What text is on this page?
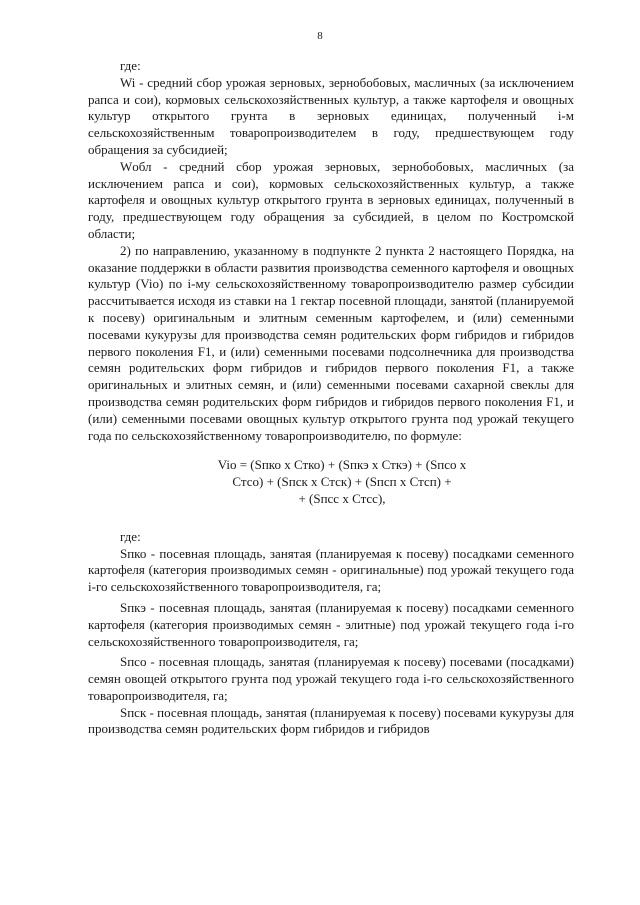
8

где:

Wi - средний сбор урожая зерновых, зернобобовых, масличных (за исключением рапса и сои), кормовых сельскохозяйственных культур, а также картофеля и овощных культур открытого грунта в зерновых единицах, полученный i-м сельскохозяйственным товаропроизводителем в году, предшествующем году обращения за субсидией;

Wобл - средний сбор урожая зерновых, зернобобовых, масличных (за исключением рапса и сои), кормовых сельскохозяйственных культур, а также картофеля и овощных культур открытого грунта в зерновых единицах, полученный в году, предшествующем году обращения за субсидией, в целом по Костромской области;

2) по направлению, указанному в подпункте 2 пункта 2 настоящего Порядка, на оказание поддержки в области развития производства семенного картофеля и овощных культур (Vio) по i-му сельскохозяйственному товаропроизводителю размер субсидии рассчитывается исходя из ставки на 1 гектар посевной площади, занятой (планируемой к посеву) оригинальным и элитным семенным картофелем, и (или) семенными посевами кукурузы для производства семян родительских форм гибридов и гибридов первого поколения F1, и (или) семенными посевами подсолнечника для производства семян родительских форм гибридов и гибридов первого поколения F1, а также оригинальных и элитных семян, и (или) семенными посевами сахарной свеклы для производства семян родительских форм гибридов и гибридов первого поколения F1, и (или) семенными посевами овощных культур открытого грунта под урожай текущего года по сельскохозяйственному товаропроизводителю, по формуле:

Vio = (Sпко x Стко) + (Sпкэ x Сткэ) + (Sпсо x
Стсо) + (Sпск x Стск) + (Sпсп x Стсп) +
+ (Sпсс x Стсс),

где:

Sпко - посевная площадь, занятая (планируемая к посеву) посадками семенного картофеля (категория производимых семян - оригинальные) под урожай текущего года i-го сельскохозяйственного товаропроизводителя, га;

Sпкэ - посевная площадь, занятая (планируемая к посеву) посадками семенного картофеля (категория производимых семян - элитные) под урожай текущего года i-го сельскохозяйственного товаропроизводителя, га;

Sпсо - посевная площадь, занятая (планируемая к посеву) посевами (посадками) семян овощей открытого грунта под урожай текущего года i-го сельскохозяйственного товаропроизводителя, га;

Sпск - посевная площадь, занятая (планируемая к посеву) посевами кукурузы для производства семян родительских форм гибридов и гибридов
